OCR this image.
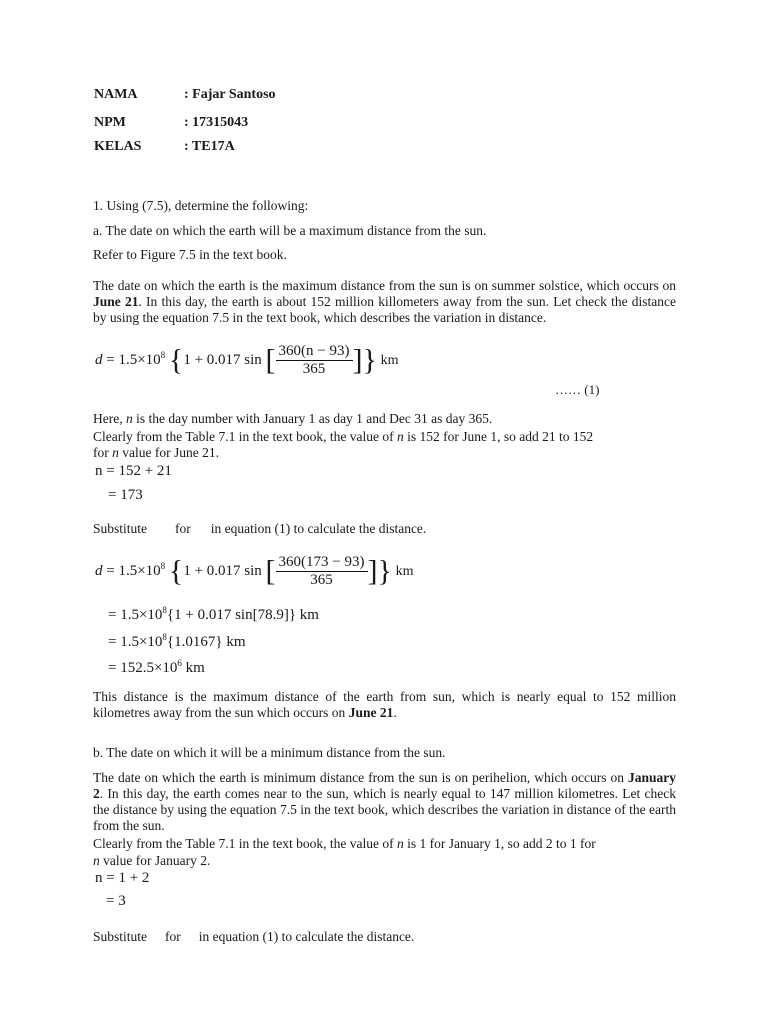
NAMA	: Fajar Santoso
NPM	: 17315043
KELAS	: TE17A
1. Using (7.5), determine the following:
a. The date on which the earth will be a maximum distance from the sun.
Refer to Figure 7.5 in the text book.
The date on which the earth is the maximum distance from the sun is on summer solstice, which occurs on June 21. In this day, the earth is about 152 million killometers away from the sun. Let check the distance by using the equation 7.5 in the text book, which describes the variation in distance.
$d = 1.5\times 10^8$ {1 + 0.017 sin [ $\frac{360(n - 93)}{365}$ ]} km
…… (1)
Here, n is the day number with January 1 as day 1 and Dec 31 as day 365.
Clearly from the Table 7.1 in the text book, the value of n is 152 for June 1, so add 21 to 152
for n value for June 21.
n = 152 + 21
= 173
Substitute for in equation (1) to calculate the distance.
$d = 1.5\times 10^8$ {1 + 0.017 sin [ $\frac{360(173 - 93)}{365}$ ]} km
= $1.5\times 10^8\{1 + 0.017$ sin[78.9]} km
= $1.5\times 10^8\{1.0167\}$ km
= $152.5\times 10^6$ km
This distance is the maximum distance of the earth from sun, which is nearly equal to 152 million kilometres away from the sun which occurs on June 21.
b. The date on which it will be a minimum distance from the sun.
The date on which the earth is minimum distance from the sun is on perihelion, which occurs on January 2. In this day, the earth comes near to the sun, which is nearly equal to 147 million kilometres. Let check the distance by using the equation 7.5 in the text book, which describes the variation in distance of the earth from the sun.
Clearly from the Table 7.1 in the text book, the value of n is 1 for January 1, so add 2 to 1 for
n value for January 2.
n = 1 + 2
= 3
Substitute for in equation (1) to calculate the distance.
